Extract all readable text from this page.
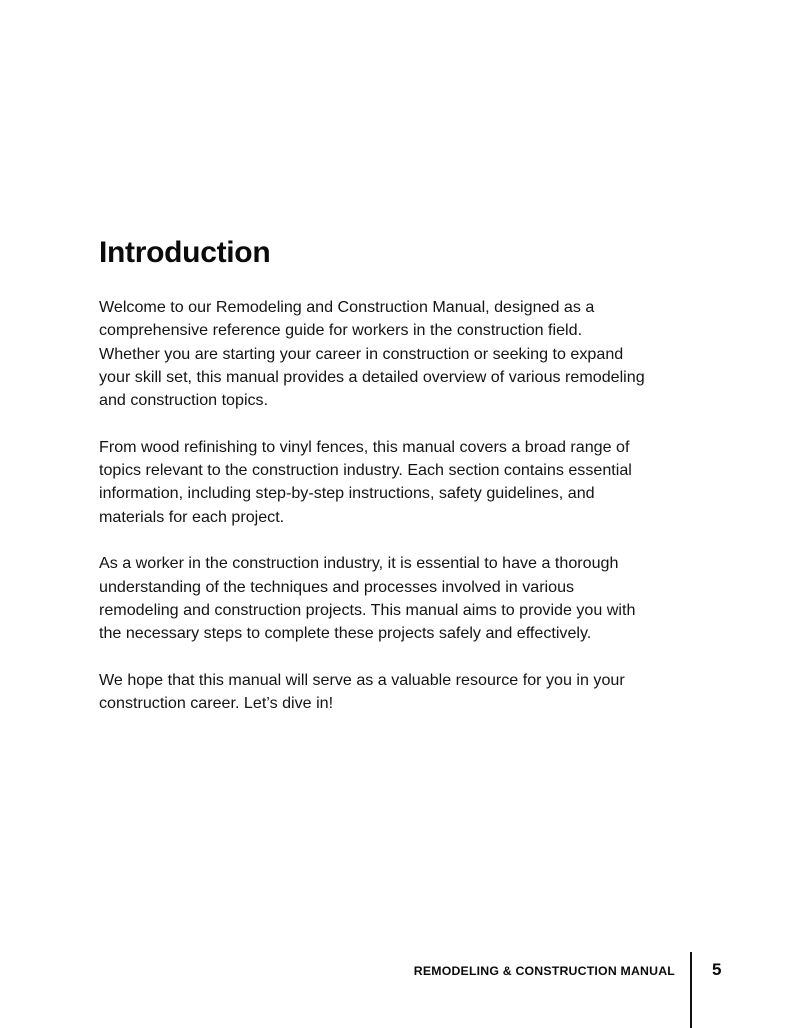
Introduction

Welcome to our Remodeling and Construction Manual, designed as a
comprehensive reference guide for workers in the construction field.
Whether you are starting your career in construction or seeking to expand
your skill set, this manual provides a detailed overview of various remodeling
and construction topics.

From wood refinishing to vinyl fences, this manual covers a broad range of
topics relevant to the construction industry. Each section contains essential
information, including step-by-step instructions, safety guidelines, and
materials for each project.

As a worker in the construction industry, it is essential to have a thorough
understanding of the techniques and processes involved in various
remodeling and construction projects. This manual aims to provide you with
the necessary steps to complete these projects safely and effectively.

We hope that this manual will serve as a valuable resource for you in your
construction career. Let’s dive in!

REMODELING & CONSTRUCTION MANUAL 5
